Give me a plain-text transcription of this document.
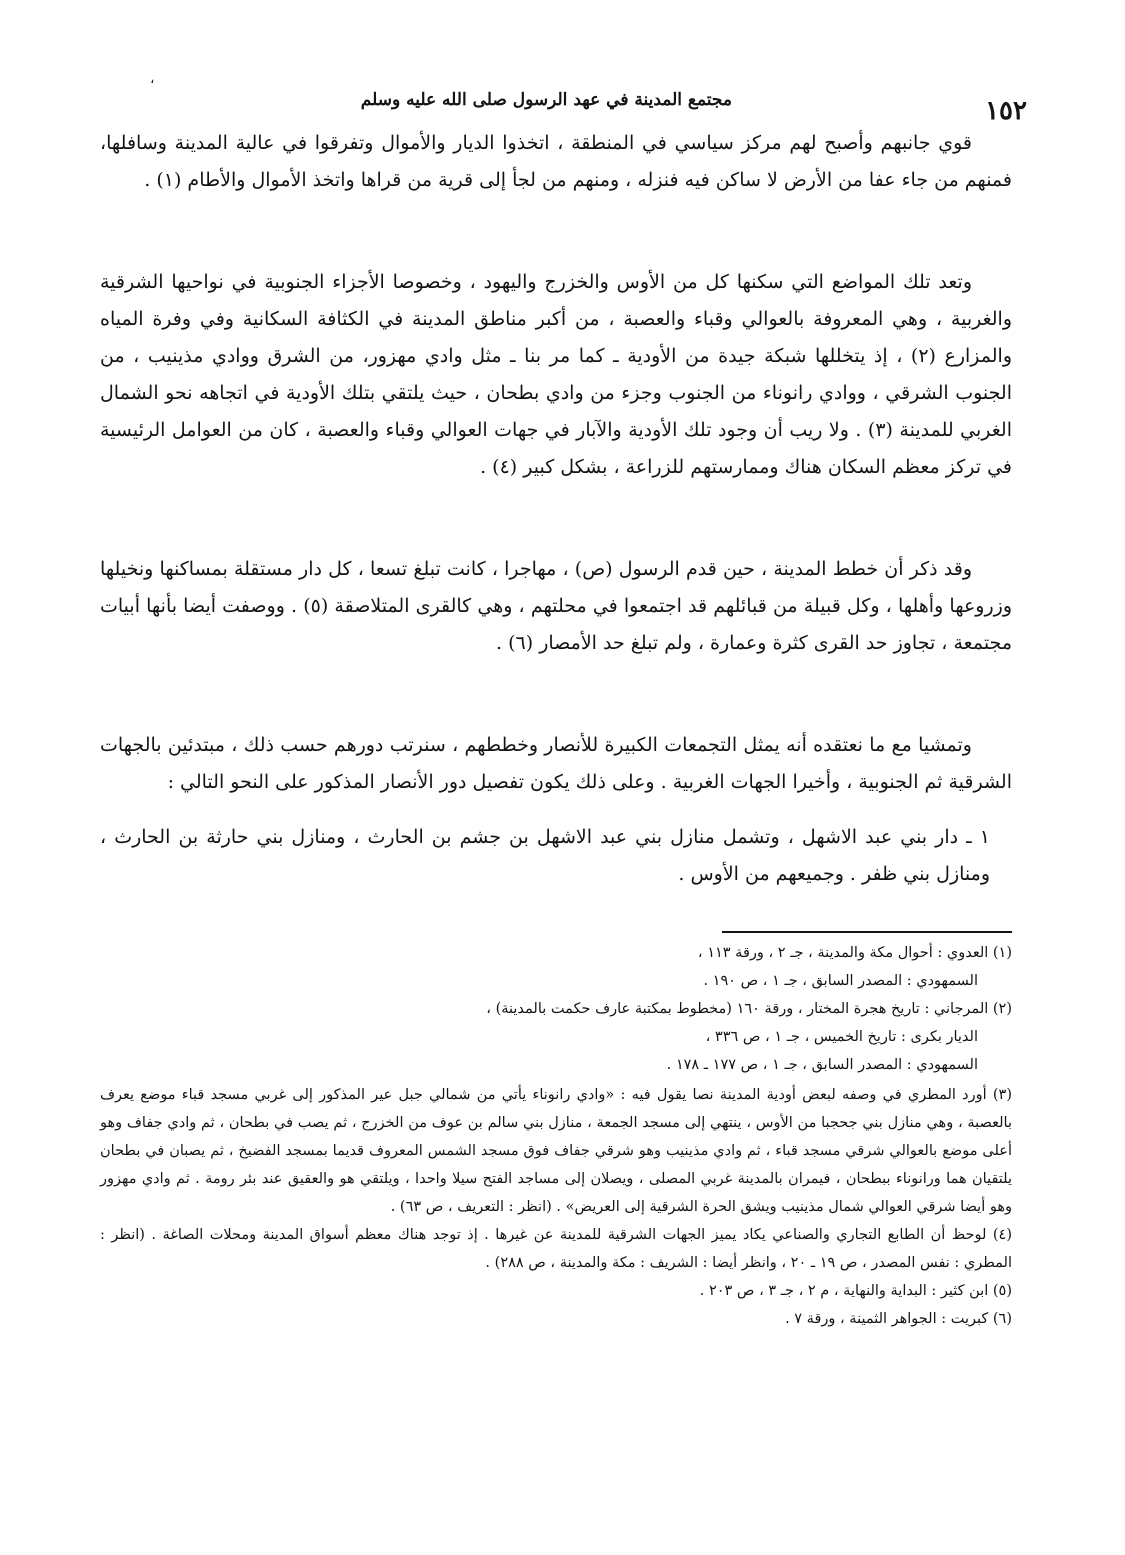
،
مجتمع المدينة في عهد الرسول صلى الله عليه وسلم	١٥٢

قوي جانبهم وأصبح لهم مركز سياسي في المنطقة ، اتخذوا الديار والأموال وتفرقوا في عالية المدينة وسافلها، فمنهم من جاء عفا من الأرض لا ساكن فيه فنزله ، ومنهم من لجأ إلى قرية من قراها واتخذ الأموال والأطام (١) .

وتعد تلك المواضع التي سكنها كل من الأوس والخزرج واليهود ، وخصوصا الأجزاء الجنوبية في نواحيها الشرقية والغربية ، وهي المعروفة بالعوالي وقباء والعصبة ، من أكبر مناطق المدينة في الكثافة السكانية وفي وفرة المياه والمزارع (٢) ، إذ يتخللها شبكة جيدة من الأودية ـ كما مر بنا ـ مثل وادي مهزور، من الشرق ووادي مذينيب ، من الجنوب الشرقي ، ووادي رانوناء من الجنوب وجزء من وادي بطحان ، حيث يلتقي بتلك الأودية في اتجاهه نحو الشمال الغربي للمدينة (٣) . ولا ريب أن وجود تلك الأودية والآبار في جهات العوالي وقباء والعصبة ، كان من العوامل الرئيسية في تركز معظم السكان هناك وممارستهم للزراعة ، بشكل كبير (٤) .

وقد ذكر أن خطط المدينة ، حين قدم الرسول (ص) ، مهاجرا ، كانت تبلغ تسعا ، كل دار مستقلة بمساكنها ونخيلها وزروعها وأهلها ، وكل قبيلة من قبائلهم قد اجتمعوا في محلتهم ، وهي كالقرى المتلاصقة (٥) . ووصفت أيضا بأنها أبيات مجتمعة ، تجاوز حد القرى كثرة وعمارة ، ولم تبلغ حد الأمصار (٦) .

وتمشيا مع ما نعتقده أنه يمثل التجمعات الكبيرة للأنصار وخططهم ، سنرتب دورهم حسب ذلك ، مبتدئين بالجهات الشرقية ثم الجنوبية ، وأخيرا الجهات الغربية . وعلى ذلك يكون تفصيل دور الأنصار المذكور على النحو التالي :

١ ـ دار بني عبد الاشهل ، وتشمل منازل بني عبد الاشهل بن جشم بن الحارث ، ومنازل بني حارثة بن الحارث ، ومنازل بني ظفر . وجميعهم من الأوس .

(١) العدوي : أحوال مكة والمدينة ، جـ ٢ ، ورقة ١١٣ ،

السمهودي : المصدر السابق ، جـ ١ ، ص ١٩٠ .

(٢) المرجاني : تاريخ هجرة المختار ، ورقة ١٦٠ (مخطوط بمكتبة عارف حكمت بالمدينة) ،

الديار بكرى : تاريخ الخميس ، جـ ١ ، ص ٣٣٦ ،

السمهودي : المصدر السابق ، جـ ١ ، ص ١٧٧ ـ ١٧٨ .

(٣) أورد المطري في وصفه لبعض أودية المدينة نصا يقول فيه : «وادي رانوناء يأتي من شمالي جبل عير المذكور إلى غربي مسجد قباء موضع يعرف بالعصبة ، وهي منازل بني جحجبا من الأوس ، ينتهي إلى مسجد الجمعة ، منازل بني سالم بن عوف من الخزرج ، ثم يصب في بطحان ، ثم وادي جفاف وهو أعلى موضع بالعوالي شرقي مسجد قباء ، ثم وادي مذينيب وهو شرقي جفاف فوق مسجد الشمس المعروف قديما بمسجد الفضيخ ، ثم يصبان في بطحان يلتقيان هما ورانوناء ببطحان ، فيمران بالمدينة غربي المصلى ، ويصلان إلى مساجد الفتح سيلا واحدا ، ويلتقي هو والعقيق عند بئر رومة . ثم وادي مهزور وهو أيضا شرقي العوالي شمال مذينيب ويشق الحرة الشرقية إلى العريض» . (انظر : التعريف ، ص ٦٣) .

(٤) لوحظ أن الطابع التجاري والصناعي يكاد يميز الجهات الشرقية للمدينة عن غيرها . إذ توجد هناك معظم أسواق المدينة ومحلات الصاغة . (انظر : المطري : نفس المصدر ، ص ١٩ ـ ٢٠ ، وانظر أيضا : الشريف : مكة والمدينة ، ص ٢٨٨) .

(٥) ابن كثير : البداية والنهاية ، م ٢ ، جـ ٣ ، ص ٢٠٣ .

(٦) كبريت : الجواهر الثمينة ، ورقة ٧ .
